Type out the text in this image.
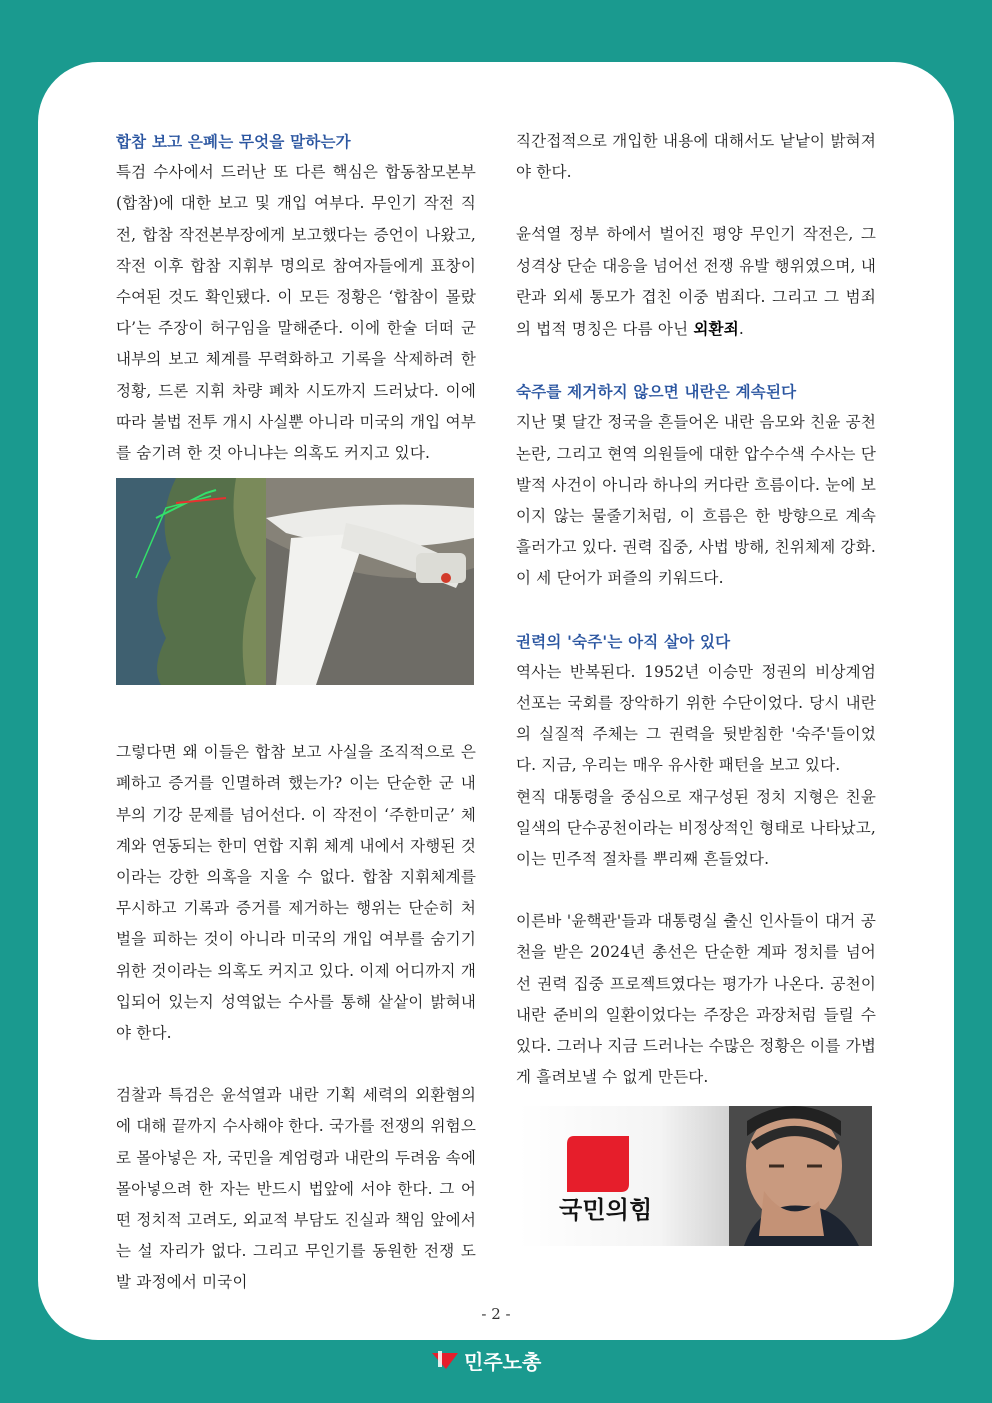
합참 보고 은폐는 무엇을 말하는가

특검 수사에서 드러난 또 다른 핵심은 합동참모본부(합참)에 대한 보고 및 개입 여부다. 무인기 작전 직전, 합참 작전본부장에게 보고했다는 증언이 나왔고, 작전 이후 합참 지휘부 명의로 참여자들에게 표창이 수여된 것도 확인됐다. 이 모든 정황은 ‘합참이 몰랐다’는 주장이 허구임을 말해준다. 이에 한술 더떠 군 내부의 보고 체계를 무력화하고 기록을 삭제하려 한 정황, 드론 지휘 차량 폐차 시도까지 드러났다. 이에 따라 불법 전투 개시 사실뿐 아니라 미국의 개입 여부를 숨기려 한 것 아니냐는 의혹도 커지고 있다.

그렇다면 왜 이들은 합참 보고 사실을 조직적으로 은폐하고 증거를 인멸하려 했는가? 이는 단순한 군 내부의 기강 문제를 넘어선다. 이 작전이 ‘주한미군’ 체계와 연동되는 한미 연합 지휘 체계 내에서 자행된 것이라는 강한 의혹을 지울 수 없다. 합참 지휘체계를 무시하고 기록과 증거를 제거하는 행위는 단순히 처벌을 피하는 것이 아니라 미국의 개입 여부를 숨기기 위한 것이라는 의혹도 커지고 있다. 이제 어디까지 개입되어 있는지 성역없는 수사를 통해 샅샅이 밝혀내야 한다.

검찰과 특검은 윤석열과 내란 기획 세력의 외환혐의에 대해 끝까지 수사해야 한다. 국가를 전쟁의 위험으로 몰아넣은 자, 국민을 계엄령과 내란의 두려움 속에 몰아넣으려 한 자는 반드시 법앞에 서야 한다. 그 어떤 정치적 고려도, 외교적 부담도 진실과 책임 앞에서는 설 자리가 없다. 그리고 무인기를 동원한 전쟁 도발 과정에서 미국이

직간접적으로 개입한 내용에 대해서도 낱낱이 밝혀져야 한다.

윤석열 정부 하에서 벌어진 평양 무인기 작전은, 그 성격상 단순 대응을 넘어선 전쟁 유발 행위였으며, 내란과 외세 통모가 겹친 이중 범죄다. 그리고 그 범죄의 법적 명칭은 다름 아닌 외환죄.

숙주를 제거하지 않으면 내란은 계속된다

지난 몇 달간 정국을 흔들어온 내란 음모와 친윤 공천 논란, 그리고 현역 의원들에 대한 압수수색 수사는 단발적 사건이 아니라 하나의 커다란 흐름이다. 눈에 보이지 않는 물줄기처럼, 이 흐름은 한 방향으로 계속 흘러가고 있다. 권력 집중, 사법 방해, 친위체제 강화. 이 세 단어가 퍼즐의 키워드다.

권력의 '숙주'는 아직 살아 있다

역사는 반복된다. 1952년 이승만 정권의 비상계엄 선포는 국회를 장악하기 위한 수단이었다. 당시 내란의 실질적 주체는 그 권력을 뒷받침한 '숙주'들이었다. 지금, 우리는 매우 유사한 패턴을 보고 있다.

현직 대통령을 중심으로 재구성된 정치 지형은 친윤 일색의 단수공천이라는 비정상적인 형태로 나타났고, 이는 민주적 절차를 뿌리째 흔들었다.

이른바 '윤핵관'들과 대통령실 출신 인사들이 대거 공천을 받은 2024년 총선은 단순한 계파 정치를 넘어선 권력 집중 프로젝트였다는 평가가 나온다. 공천이 내란 준비의 일환이었다는 주장은 과장처럼 들릴 수 있다. 그러나 지금 드러나는 수많은 정황은 이를 가볍게 흘려보낼 수 없게 만든다.

국민의힘
- 2 -
민주노총
